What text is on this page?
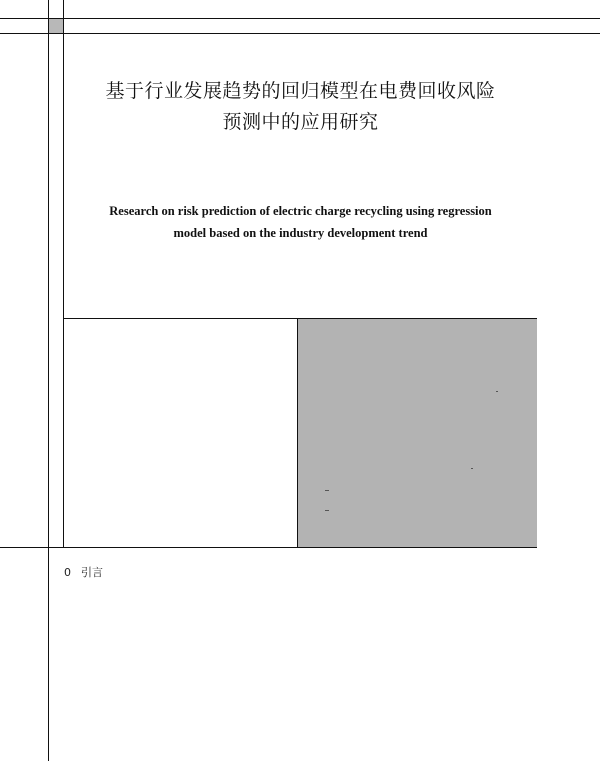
基于行业发展趋势的回归模型在电费回收风险
预测中的应用研究
Research on risk prediction of electric charge recycling using regression
model based on the industry development trend
0 引言
